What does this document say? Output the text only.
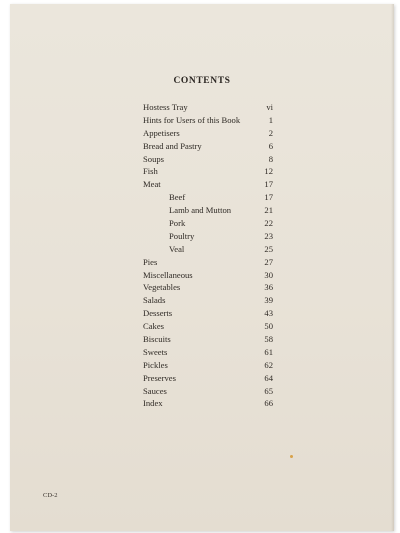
CONTENTS
Hostess Tray	vi
Hints for Users of this Book	1
Appetisers	2
Bread and Pastry	6
Soups	8
Fish	12
Meat	17
Beef	17
Lamb and Mutton	21
Pork	22
Poultry	23
Veal	25
Pies	27
Miscellaneous	30
Vegetables	36
Salads	39
Desserts	43
Cakes	50
Biscuits	58
Sweets	61
Pickles	62
Preserves	64
Sauces	65
Index	66
CD-2
